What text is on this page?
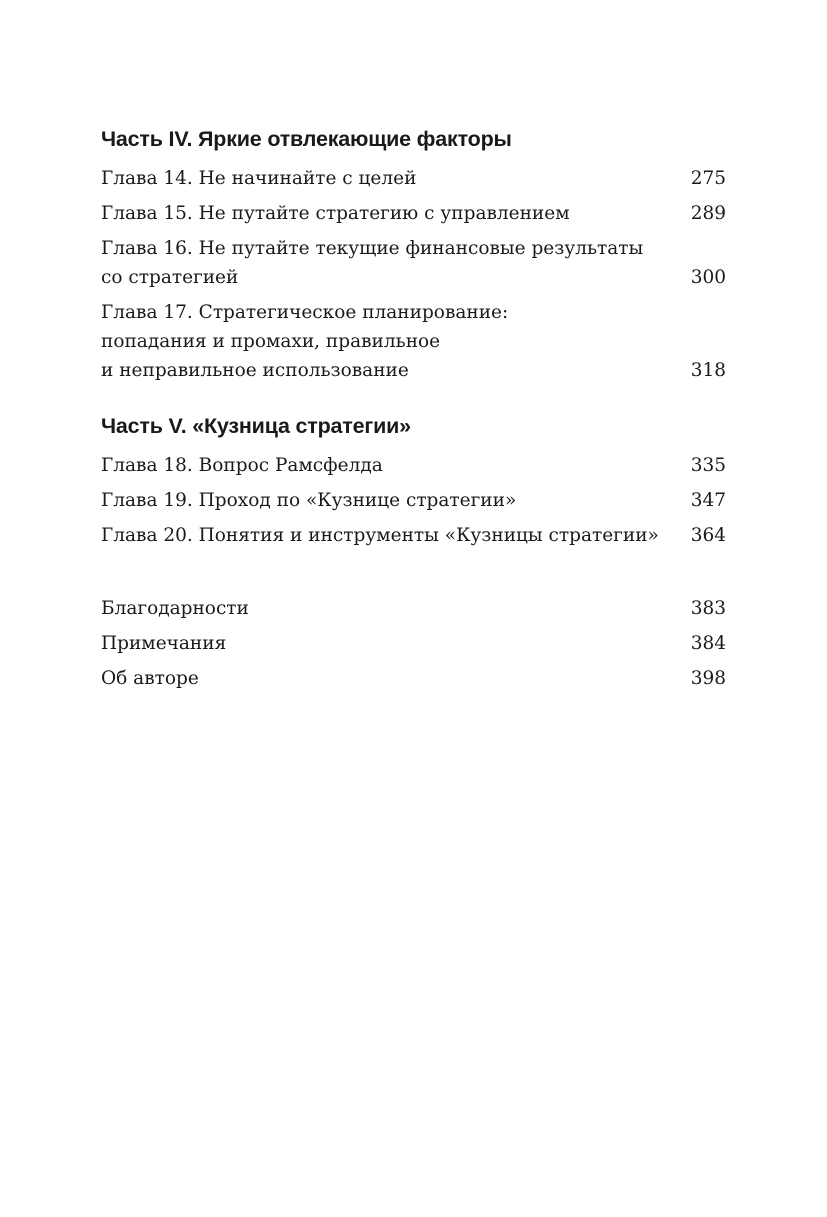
Часть IV. Яркие отвлекающие факторы
Глава 14. Не начинайте с целей	275
Глава 15. Не путайте стратегию с управлением	289
Глава 16. Не путайте текущие финансовые результаты
со стратегией	300
Глава 17. Стратегическое планирование:
попадания и промахи, правильное
и неправильное использование	318
Часть V. «Кузница стратегии»
Глава 18. Вопрос Рамсфелда	335
Глава 19. Проход по «Кузнице стратегии»	347
Глава 20. Понятия и инструменты «Кузницы стратегии»	364
Благодарности	383
Примечания	384
Об авторе	398
